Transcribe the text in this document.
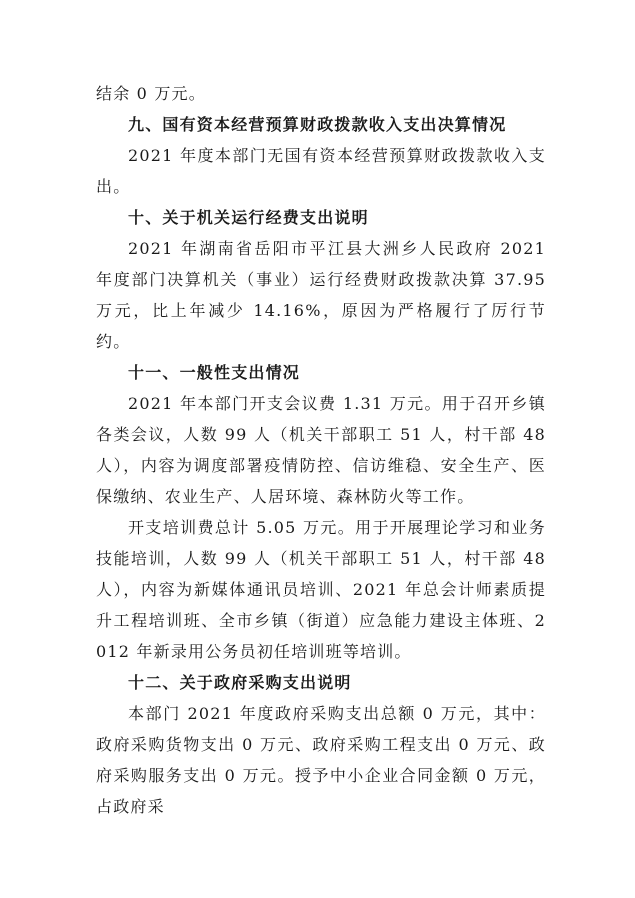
结余 0 万元。

九、国有资本经营预算财政拨款收入支出决算情况

2021 年度本部门无国有资本经营预算财政拨款收入支出。

十、关于机关运行经费支出说明

2021 年湖南省岳阳市平江县大洲乡人民政府 2021 年度部门决算机关（事业）运行经费财政拨款决算 37.95 万元，比上年减少 14.16%，原因为严格履行了厉行节约。

十一、一般性支出情况

2021 年本部门开支会议费 1.31 万元。用于召开乡镇各类会议，人数 99 人（机关干部职工 51 人，村干部 48 人），内容为调度部署疫情防控、信访维稳、安全生产、医保缴纳、农业生产、人居环境、森林防火等工作。

开支培训费总计 5.05 万元。用于开展理论学习和业务技能培训，人数 99 人（机关干部职工 51 人，村干部 48 人），内容为新媒体通讯员培训、2021 年总会计师素质提升工程培训班、全市乡镇（街道）应急能力建设主体班、2012 年新录用公务员初任培训班等培训。

十二、关于政府采购支出说明

本部门 2021 年度政府采购支出总额 0 万元，其中：政府采购货物支出 0 万元、政府采购工程支出 0 万元、政府采购服务支出 0 万元。授予中小企业合同金额 0 万元，占政府采
